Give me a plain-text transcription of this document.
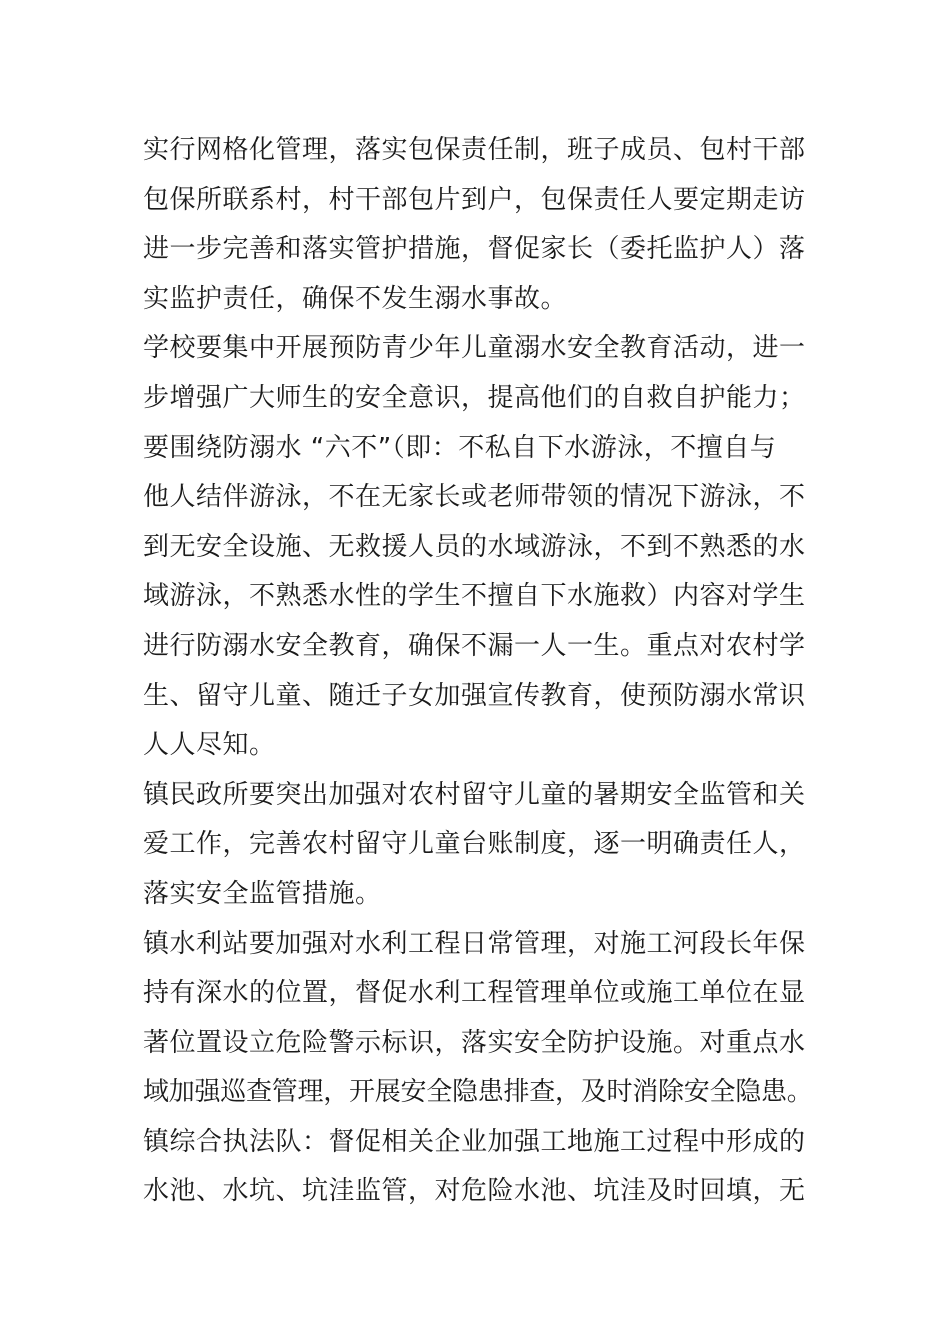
实行网格化管理，落实包保责任制，班子成员、包村干部
包保所联系村，村干部包片到户，包保责任人要定期走访
进一步完善和落实管护措施，督促家长（委托监护人）落
实监护责任，确保不发生溺水事故。
学校要集中开展预防青少年儿童溺水安全教育活动，进一
步增强广大师生的安全意识，提高他们的自救自护能力；
要围绕防溺水 “六不”（即：不私自下水游泳，不擅自与
他人结伴游泳，不在无家长或老师带领的情况下游泳，不
到无安全设施、无救援人员的水域游泳，不到不熟悉的水
域游泳，不熟悉水性的学生不擅自下水施救）内容对学生
进行防溺水安全教育，确保不漏一人一生。重点对农村学
生、留守儿童、随迁子女加强宣传教育，使预防溺水常识
人人尽知。
镇民政所要突出加强对农村留守儿童的暑期安全监管和关
爱工作，完善农村留守儿童台账制度，逐一明确责任人，
落实安全监管措施。
镇水利站要加强对水利工程日常管理，对施工河段长年保
持有深水的位置，督促水利工程管理单位或施工单位在显
著位置设立危险警示标识，落实安全防护设施。对重点水
域加强巡查管理，开展安全隐患排查，及时消除安全隐患。
镇综合执法队：督促相关企业加强工地施工过程中形成的
水池、水坑、坑洼监管，对危险水池、坑洼及时回填，无
